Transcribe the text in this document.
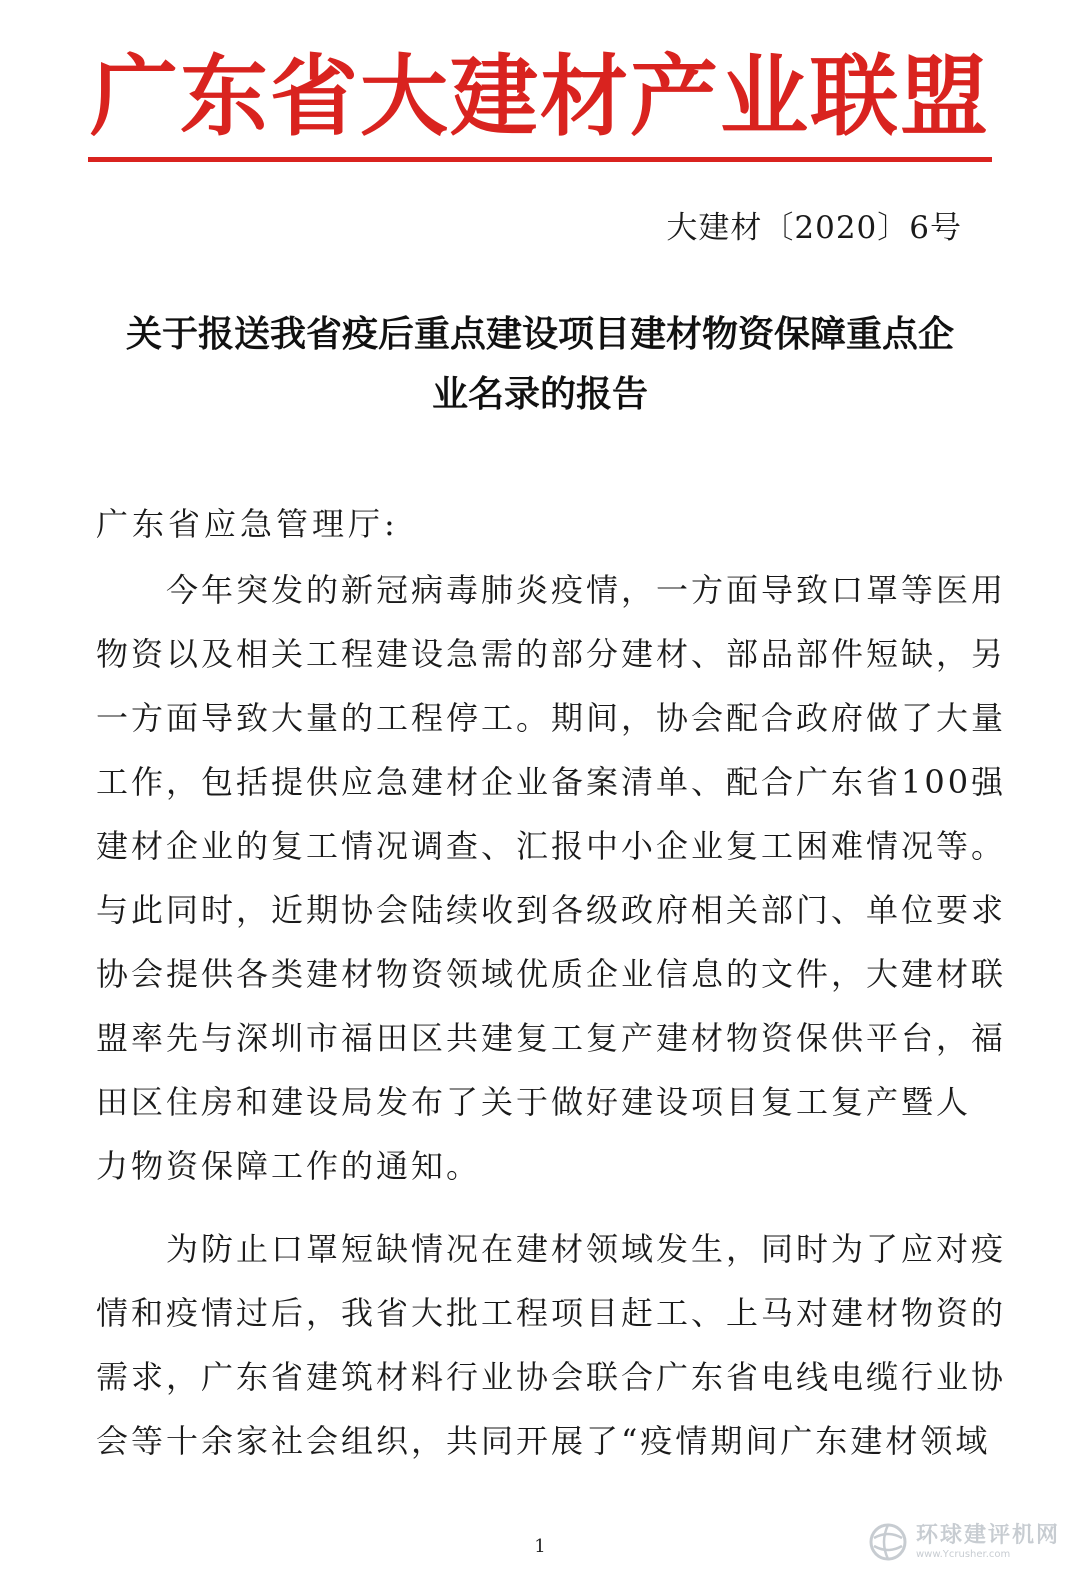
广东省大建材产业联盟
大建材〔2020〕6号
关于报送我省疫后重点建设项目建材物资保障重点企
业名录的报告
广东省应急管理厅:
　　今年突发的新冠病毒肺炎疫情，一方面导致口罩等医用
物资以及相关工程建设急需的部分建材、部品部件短缺，另
一方面导致大量的工程停工。期间，协会配合政府做了大量
工作，包括提供应急建材企业备案清单、配合广东省100强
建材企业的复工情况调查、汇报中小企业复工困难情况等。
与此同时，近期协会陆续收到各级政府相关部门、单位要求
协会提供各类建材物资领域优质企业信息的文件，大建材联
盟率先与深圳市福田区共建复工复产建材物资保供平台，福
田区住房和建设局发布了关于做好建设项目复工复产暨人
力物资保障工作的通知。
　　为防止口罩短缺情况在建材领域发生，同时为了应对疫
情和疫情过后，我省大批工程项目赶工、上马对建材物资的
需求，广东省建筑材料行业协会联合广东省电线电缆行业协
会等十余家社会组织，共同开展了“疫情期间广东建材领域
1	环球建评机网
www.Ycrusher.com
